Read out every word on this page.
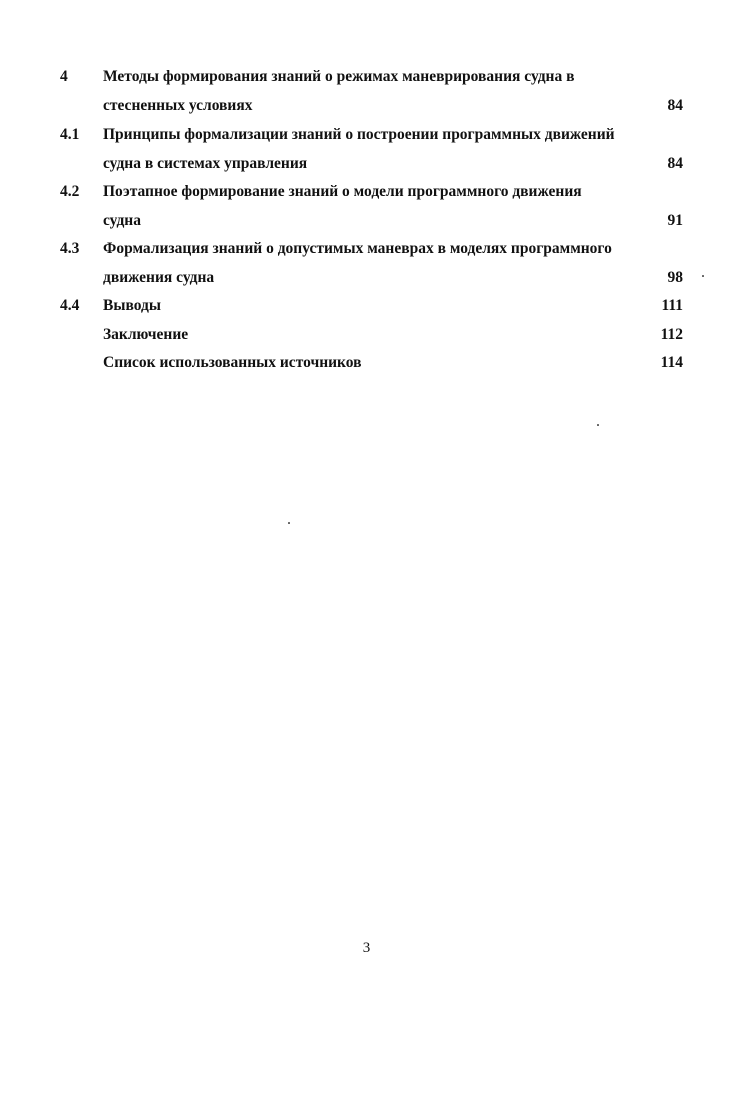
4 Методы формирования знаний о режимах маневрирования судна в
стесненных условиях	84
4.1 Принципы формализации знаний о построении программных движений
судна в системах управления	84
4.2 Поэтапное формирование знаний о модели программного движения
судна	91
4.3 Формализация знаний о допустимых маневрах в моделях программного
движения судна	98
4.4 Выводы	111
Заключение	112
Список использованных источников	114
3
